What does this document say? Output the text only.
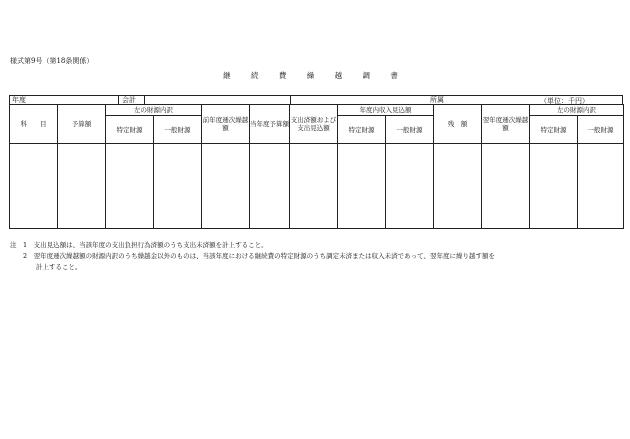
様式第9号（第18条関係）
継 続 費 繰 越 調 書
年度	会計	所属	（単位：千円）
科　　目	予算額	左の財源内訳		前年度逓次繰越額	当年度予算額	支出済額および支出見込額	年度内収入見込額		残　額	翌年度逓次繰越額	左の財源内訳	
		特定財源	一般財源				特定財源	一般財源			特定財源	一般財源

注　1　支出見込額は、当該年度の支出負担行為済額のうち支出未済額を計上すること。
　　2　翌年度逓次繰越額の財源内訳のうち繰越金以外のものは、当該年度における継続費の特定財源のうち調定未済または収入未済であって、翌年度に繰り越す額を
　　　　計上すること。
